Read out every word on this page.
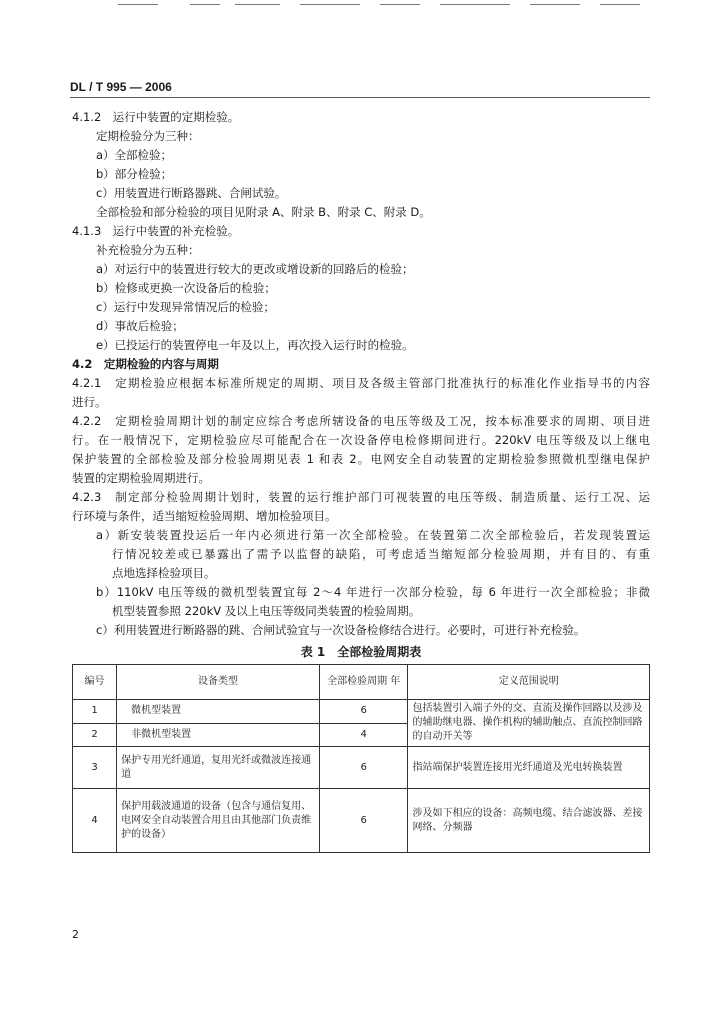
DL / T 995 — 2006
4.1.2　运行中装置的定期检验。
定期检验分为三种：
a）全部检验；
b）部分检验；
c）用装置进行断路器跳、合闸试验。
全部检验和部分检验的项目见附录 A、附录 B、附录 C、附录 D。
4.1.3　运行中装置的补充检验。
补充检验分为五种：
a）对运行中的装置进行较大的更改或增设新的回路后的检验；
b）检修或更换一次设备后的检验；
c）运行中发现异常情况后的检验；
d）事故后检验；
e）已投运行的装置停电一年及以上，再次投入运行时的检验。
4.2　定期检验的内容与周期
4.2.1　定期检验应根据本标准所规定的周期、项目及各级主管部门批准执行的标准化作业指导书的内容
进行。
4.2.2　定期检验周期计划的制定应综合考虑所辖设备的电压等级及工况，按本标准要求的周期、项目进
行。在一般情况下，定期检验应尽可能配合在一次设备停电检修期间进行。220kV 电压等级及以上继电
保护装置的全部检验及部分检验周期见表 1 和表 2。电网安全自动装置的定期检验参照微机型继电保护
装置的定期检验周期进行。
4.2.3　制定部分检验周期计划时，装置的运行维护部门可视装置的电压等级、制造质量、运行工况、运
行环境与条件，适当缩短检验周期、增加检验项目。
a）新安装装置投运后一年内必须进行第一次全部检验。在装置第二次全部检验后，若发现装置运
行情况较差或已暴露出了需予以监督的缺陷，可考虑适当缩短部分检验周期，并有目的、有重
点地选择检验项目。
b）110kV 电压等级的微机型装置宜每 2～4 年进行一次部分检验，每 6 年进行一次全部检验；非微
机型装置参照 220kV 及以上电压等级同类装置的检验周期。
c）利用装置进行断路器的跳、合闸试验宜与一次设备检修结合进行。必要时，可进行补充检验。
表 1　全部检验周期表
编号	设备类型	全部检验周期 年	定义范围说明
1	微机型装置	6	包括装置引入端子外的交、直流及操作回路以及涉及的辅助继电器、操作机构的辅助触点、直流控制回路的自动开关等
2	非微机型装置	4	
3	保护专用光纤通道，复用光纤或微波连接通道	6	指站端保护装置连接用光纤通道及光电转换装置
4	保护用载波通道的设备（包含与通信复用、电网安全自动装置合用且由其他部门负责维护的设备）	6	涉及如下相应的设备：高频电缆、结合滤波器、差接网络、分频器
2
